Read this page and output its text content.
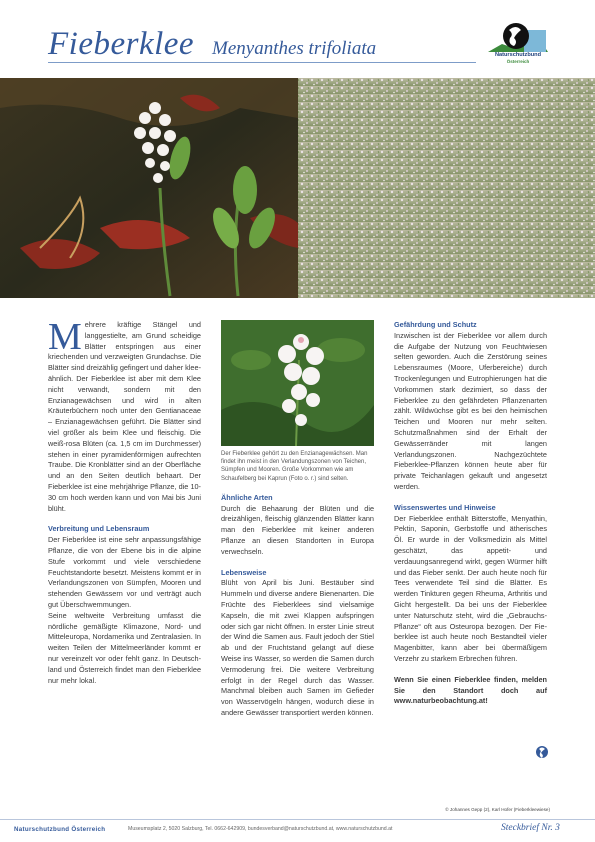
Fieberklee Menyanthes trifoliata	Naturschutzbund
Österreich

Mehrere kräftige Stängel und langgestielte, am Grund scheidige Blätter entspringen aus einer kriechenden und verzweigten Grundachse. Die Blätter sind dreizählig gefingert und daher kleeähnlich. Der Fieberklee ist aber mit dem Klee nicht verwandt, sondern mit den Enzianagewächsen und wird in alten Kräuterbüchern noch unter den Gentianaceae – Enzianagewächsen geführt. Die Blätter sind viel größer als beim Klee und fleischig. Die weiß-rosa Blüten (ca. 1,5 cm im Durchmesser) stehen in einer pyramidenförmigen aufrechten Traube. Die Kronblätter sind an der Oberfläche und an den Seiten deutlich behaart. Der Fieberklee ist eine mehrjährige Pflanze, die 10-30 cm hoch werden kann und von Mai bis Juni blüht.

Verbreitung und Lebensraum

Der Fieberklee ist eine sehr anpassungsfähige Pflanze, die von der Ebene bis in die alpine Stufe vorkommt und viele verschiedene Feuchtstandorte besetzt. Meistens kommt er in Verlandungszonen von Sümpfen, Mooren und stehenden Gewässern vor und verträgt auch gut Überschwemmungen.

Seine weltweite Verbreitung umfasst die nördliche gemäßigte Klimazone, Nord- und Mitteleuropa, Nordamerika und Zentralasien. In weiten Teilen der Mittelmeerländer kommt er nur vereinzelt vor oder fehlt ganz. In Deutschland und Österreich findet man den Fieberklee nur mehr lokal.

Der Fieberklee gehört zu den Enzianagewächsen. Man findet ihn meist in den Verlandungszonen von Teichen, Sümpfen und Mooren. Große Vorkommen wie am Schaufelberg bei Kaprun (Foto o. r.) sind selten.
Ähnliche Arten

Durch die Behaarung der Blüten und die dreizähligen, fleischig glänzenden Blätter kann man den Fieberklee mit keiner anderen Pflanze an diesen Standorten in Europa verwechseln.

Lebensweise

Blüht von April bis Juni. Bestäuber sind Hummeln und diverse andere Bienenarten. Die Früchte des Fieberklees sind vielsamige Kapseln, die mit zwei Klappen aufspringen oder sich gar nicht öffnen. In erster Linie streut der Wind die Samen aus. Fault jedoch der Stiel ab und der Fruchtstand gelangt auf diese Weise ins Wasser, so werden die Samen durch Vermoderung frei. Die weitere Verbreitung erfolgt in der Regel durch das Wasser. Manchmal bleiben auch Samen im Gefieder von Wasservögeln hängen, wodurch diese in andere Gewässer transportiert werden können.

Gefährdung und Schutz

Inzwischen ist der Fieberklee vor allem durch die Aufgabe der Nutzung von Feuchtwiesen selten geworden. Auch die Zerstörung seines Lebensraumes (Moore, Uferbereiche) durch Trockenlegungen und Eutrophierungen hat die Vorkommen stark dezimiert, so dass der Fieberklee zu den gefährdeten Pflanzenarten zählt. Wildwüchse gibt es bei den heimischen Teichen und Mooren nur mehr selten. Schutzmaßnahmen sind der Erhalt der Gewässerränder mit langen Verlandungszonen. Nachgezüchtete Fieberklee-Pflanzen können heute aber für private Teichanlagen gekauft und angesetzt werden.

Wissenswertes und Hinweise

Der Fieberklee enthält Bitterstoffe, Menyathin, Pektin, Saponin, Gerbstoffe und ätherisches Öl. Er wurde in der Volksmedizin als Mittel geschätzt, das appetit- und verdauungsanregend wirkt, gegen Würmer hilft und das Fieber senkt. Der auch heute noch für Tees verwendete Teil sind die Blätter. Es werden Tinkturen gegen Rheuma, Arthritis und Gicht hergestellt. Da bei uns der Fieberklee unter Naturschutz steht, wird die „Gebrauchs-Pflanze“ oft aus Osteuropa bezogen. Der Fieberklee ist auch heute noch Bestandteil vieler Magenbitter, kann aber bei übermäßigem Verzehr zu starkem Erbrechen führen.

Wenn Sie einen Fieberklee finden, melden Sie den Standort doch auf www.naturbeobachtung.at!

© Johannes Gepp (2), Karl Hofer (Fieberkleewiese)
Naturschutzbund Österreich	Museumsplatz 2, 5020 Salzburg, Tel. 0662-642909, bundesverband@naturschutzbund.at, www.naturschutzbund.at	Steckbrief Nr. 3
